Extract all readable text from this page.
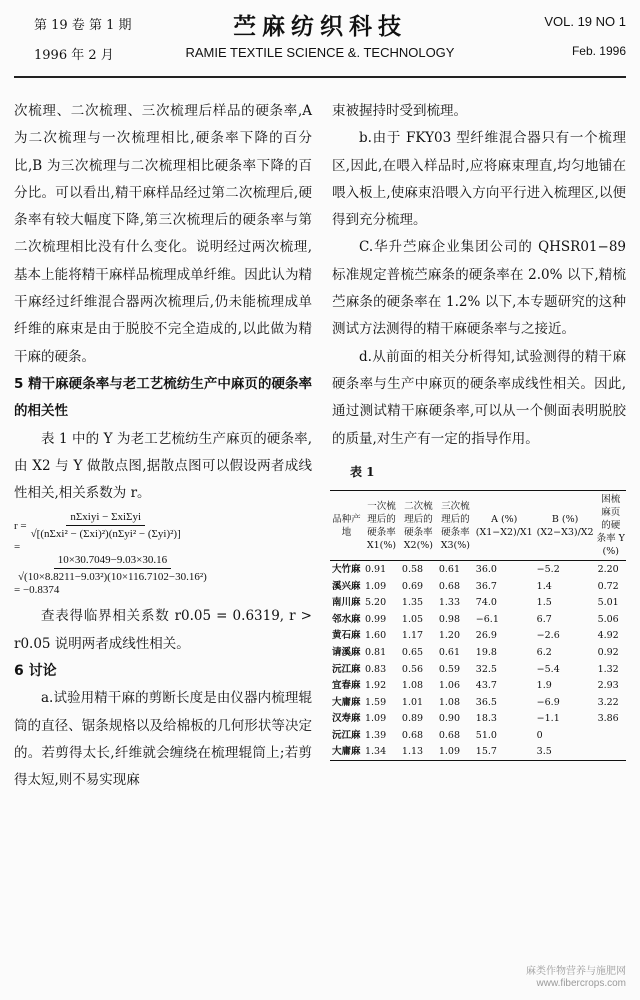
第 19 卷 第 1 期
1996 年 2 月
苎麻纺织科技
RAMIE TEXTILE SCIENCE &. TECHNOLOGY
VOL. 19 NO 1
Feb. 1996

次梳理、二次梳理、三次梳理后样品的硬条率,A 为二次梳理与一次梳理相比,硬条率下降的百分比,B 为三次梳理与二次梳理相比硬条率下降的百分比。可以看出,精干麻样品经过第二次梳理后,硬条率有较大幅度下降,第三次梳理后的硬条率与第二次梳理相比没有什么变化。说明经过两次梳理,基本上能将精干麻样品梳理成单纤维。因此认为精干麻经过纤维混合器两次梳理后,仍未能梳理成单纤维的麻束是由于脱胶不完全造成的,以此做为精干麻的硬条。

5 精干麻硬条率与老工艺梳纺生产中麻页的硬条率的相关性

表 1 中的 Y 为老工艺梳纺生产麻页的硬条率,由 X2 与 Y 做散点图,据散点图可以假设两者成线性相关,相关系数为 r。

$r = \frac{\text{nΣxiyi − ΣxiΣyi}}{\text{√[(nΣxi² − (Σxi)²)(nΣyi² − (Σyi)²)]}}$
=
$\frac{10\times 30.7049-9.03\times 30.16}{\text{√(10×8.8211−9.03²)(10×116.7102−30.16²)}}$
= −0.8374

查表得临界相关系数 r0.05 = 0.6319, r > r0.05 说明两者成线性相关。

6 讨论

a.试验用精干麻的剪断长度是由仪器内梳理辊筒的直径、锯条规格以及给棉板的几何形状等决定的。若剪得太长,纤维就会缠绕在梳理辊筒上;若剪得太短,则不易实现麻

束被握持时受到梳理。

b.由于 FKY03 型纤维混合器只有一个梳理区,因此,在喂入样品时,应将麻束理直,均匀地铺在喂入板上,使麻束沿喂入方向平行进入梳理区,以便得到充分梳理。

C.华升苎麻企业集团公司的 QHSR01−89 标准规定普梳苎麻条的硬条率在 2.0% 以下,精梳苎麻条的硬条率在 1.2% 以下,本专题研究的这种测试方法测得的精干麻硬条率与之接近。

d.从前面的相关分析得知,试验测得的精干麻硬条率与生产中麻页的硬条率成线性相关。因此,通过测试精干麻硬条率,可以从一个侧面表明脱胶的质量,对生产有一定的指导作用。

表 1
品种产地	一次梳理后的硬条率 X1(%)	二次梳理后的硬条率 X2(%)	三次梳理后的硬条率 X3(%)	A (%) (X1−X2)/X1	B (%) (X2−X3)/X2	困梳麻页的硬条率 Y (%)
大竹麻	0.91	0.58	0.61	36.0	−5.2	2.20
溪兴麻	1.09	0.69	0.68	36.7	1.4	0.72
南川麻	5.20	1.35	1.33	74.0	1.5	5.01
邻水麻	0.99	1.05	0.98	−6.1	6.7	5.06
黄石麻	1.60	1.17	1.20	26.9	−2.6	4.92
请溪麻	0.81	0.65	0.61	19.8	6.2	0.92
沅江麻	0.83	0.56	0.59	32.5	−5.4	1.32
宜春麻	1.92	1.08	1.06	43.7	1.9	2.93
大庸麻	1.59	1.01	1.08	36.5	−6.9	3.22
汉寿麻	1.09	0.89	0.90	18.3	−1.1	3.86
沅江麻	1.39	0.68	0.68	51.0	0	
大庸麻	1.34	1.13	1.09	15.7	3.5	
麻类作物营养与施肥网
www.fibercrops.com
